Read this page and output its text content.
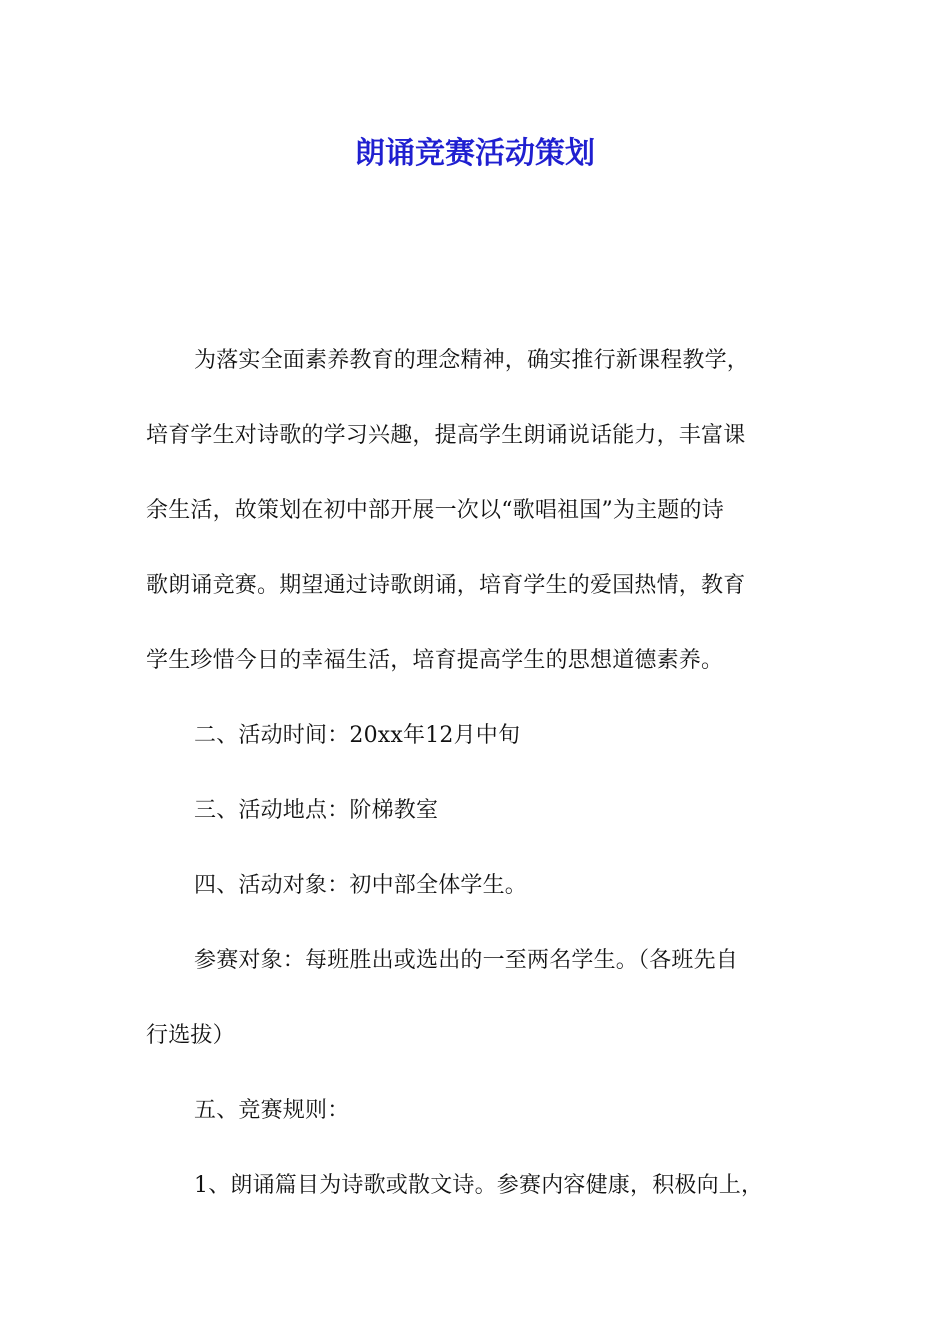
朗诵竞赛活动策划
为落实全面素养教育的理念精神，确实推行新课程教学，
培育学生对诗歌的学习兴趣，提高学生朗诵说话能力，丰富课
余生活，故策划在初中部开展一次以“歌唱祖国”为主题的诗
歌朗诵竞赛。期望通过诗歌朗诵，培育学生的爱国热情，教育
学生珍惜今日的幸福生活，培育提高学生的思想道德素养。
二、活动时间：20xx年12月中旬
三、活动地点：阶梯教室
四、活动对象：初中部全体学生。
参赛对象：每班胜出或选出的一至两名学生。（各班先自
行选拔）
五、竞赛规则：
1、朗诵篇目为诗歌或散文诗。参赛内容健康，积极向上，
